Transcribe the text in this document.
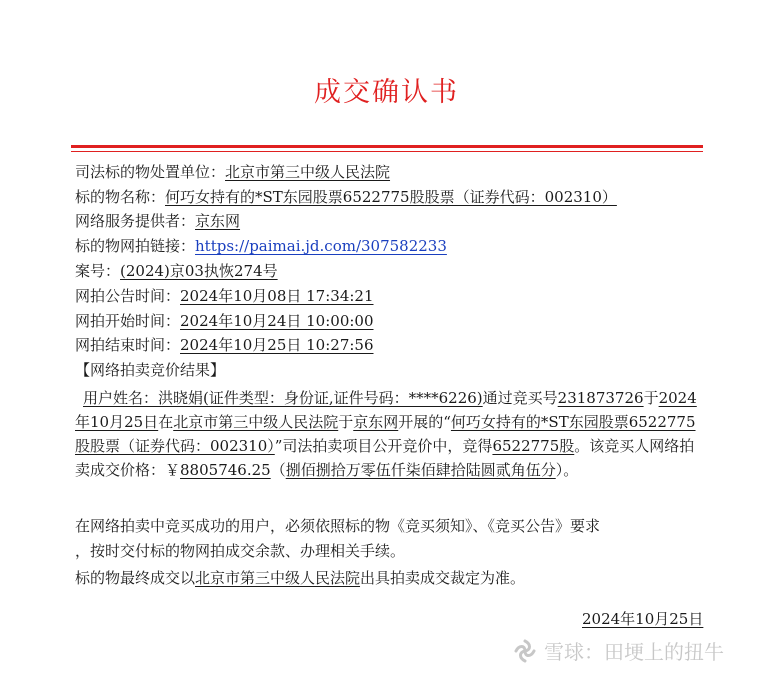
成交确认书
司法标的物处置单位：北京市第三中级人民法院
标的物名称：何巧女持有的*ST东园股票6522775股股票（证券代码：002310）
网络服务提供者：京东网
标的物网拍链接：https://paimai.jd.com/307582233
案号：(2024)京03执恢274号
网拍公告时间：2024年10月08日 17:34:21
网拍开始时间：2024年10月24日 10:00:00
网拍结束时间：2024年10月25日 10:27:56
【网络拍卖竞价结果】
用户姓名：洪晓娟(证件类型：身份证,证件号码：****6226)通过竞买号231873726于2024年10月25日在北京市第三中级人民法院于京东网开展的“何巧女持有的*ST东园股票6522775股股票（证券代码：002310）”司法拍卖项目公开竞价中，竞得6522775股。该竞买人网络拍卖成交价格：￥8805746.25（捌佰捌拾万零伍仟柒佰肆拾陆圆贰角伍分）。
在网络拍卖中竞买成功的用户，必须依照标的物《竞买须知》、《竞买公告》要求
，按时交付标的物网拍成交余款、办理相关手续。
标的物最终成交以北京市第三中级人民法院出具拍卖成交裁定为准。
2024年10月25日
雪球：田埂上的扭牛
